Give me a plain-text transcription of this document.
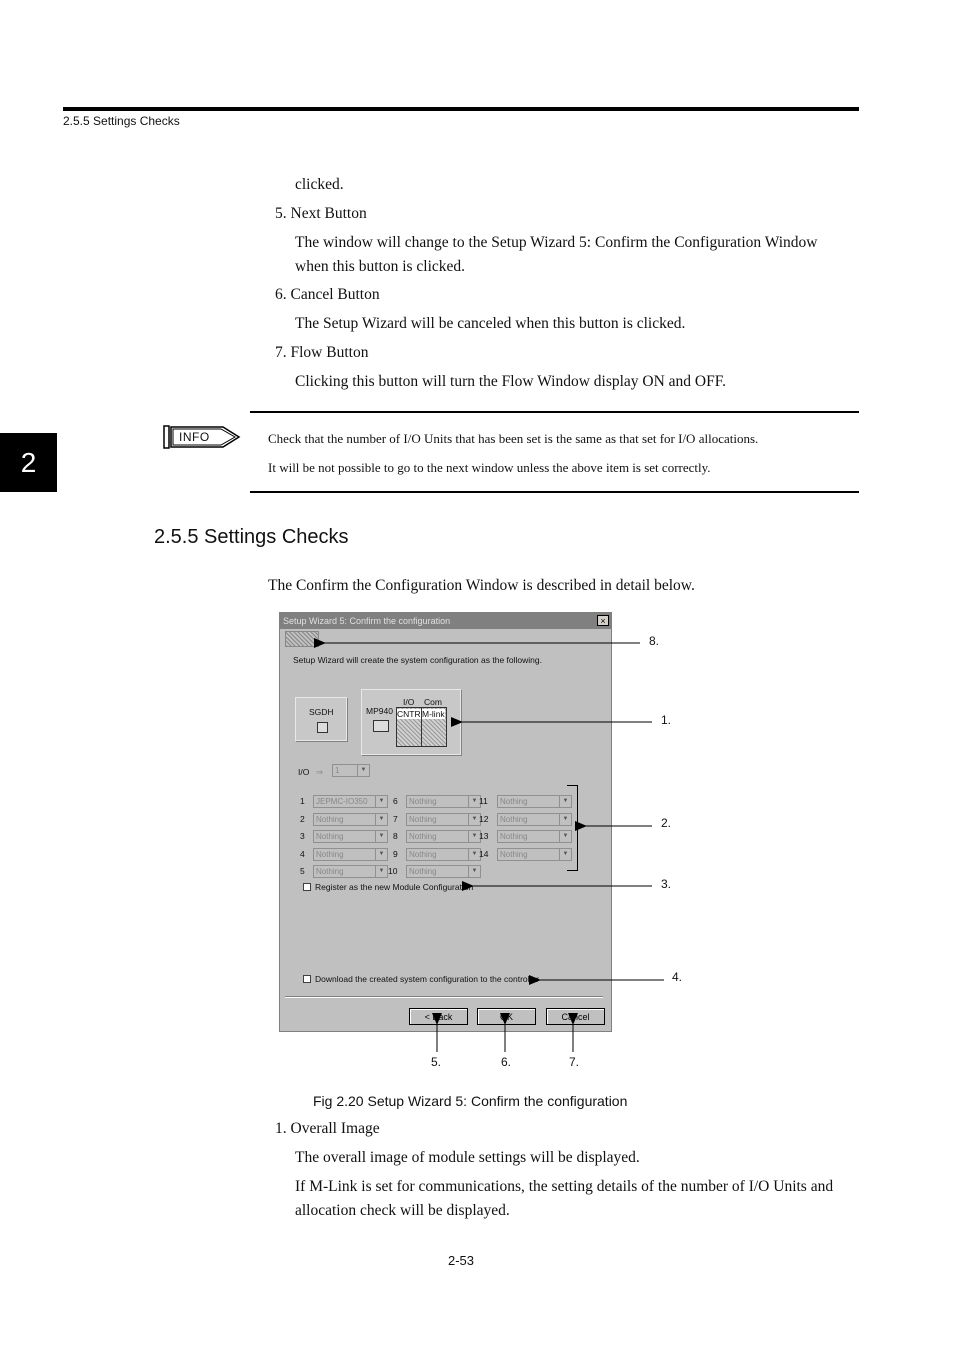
2.5.5 Settings Checks
2
clicked.
5. Next Button
The window will change to the Setup Wizard 5: Confirm the Configuration Window
when this button is clicked.
6. Cancel Button
The Setup Wizard will be canceled when this button is clicked.
7. Flow Button
Clicking this button will turn the Flow Window display ON and OFF.
INFO	Check that the number of I/O Units that has been set is the same as that set for I/O allocations.
It will be not possible to go to the next window unless the above item is set correctly.
2.5.5 Settings Checks
The Confirm the Configuration Window is described in detail below.
Setup Wizard 5: Confirm the configuration	×
Setup Wizard will create the system configuration as the following.
SGDH	MP940
I/O Com
CNTR M-link
I/O ⇒	1	▼
1	JEPMC-IO350	▼
2	Nothing	▼
3	Nothing	▼
4	Nothing	▼
5	Nothing	▼
6	Nothing	▼
7	Nothing	▼
8	Nothing	▼
9	Nothing	▼
10	Nothing	▼
11	Nothing	▼
12	Nothing	▼
13	Nothing	▼
14	Nothing	▼
Register as the new Module Configuration
Download the created system configuration to the controller
< Back	OK	Cancel
8.
1.
2.
3.
4.
5.	6.	7.
Fig 2.20 Setup Wizard 5: Confirm the configuration
1. Overall Image
The overall image of module settings will be displayed.
If M-Link is set for communications, the setting details of the number of I/O Units and
allocation check will be displayed.
2-53
